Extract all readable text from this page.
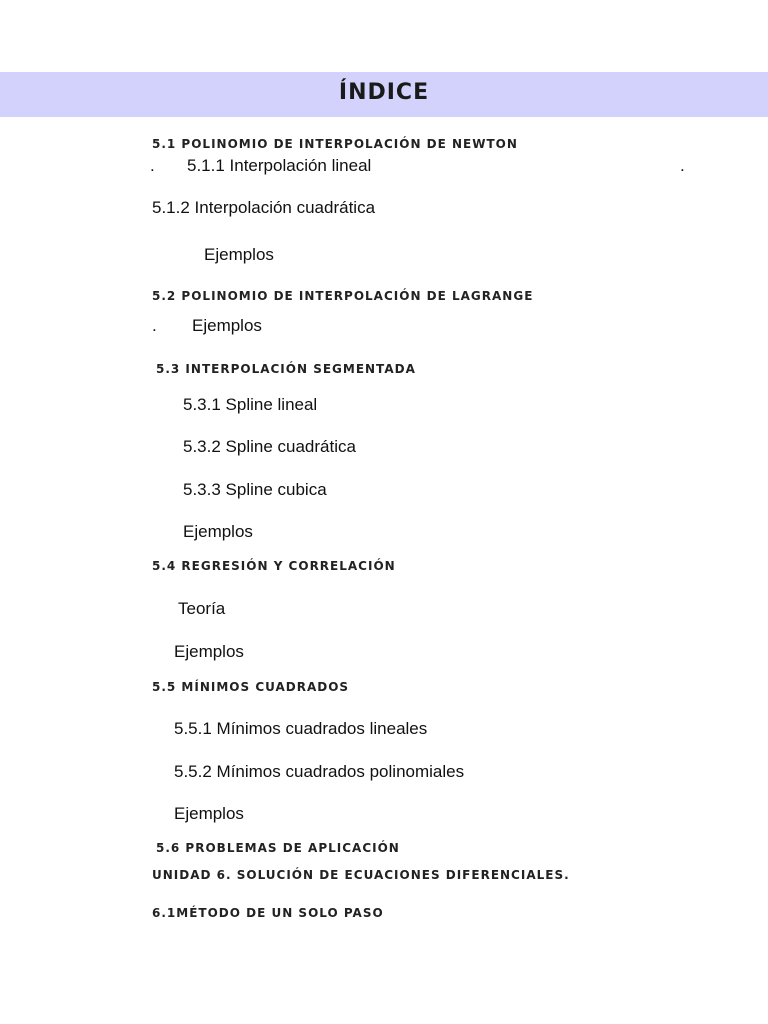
ÍNDICE
5.1 POLINOMIO DE INTERPOLACIÓN DE NEWTON
. 5.1.1 Interpolación lineal	.
5.1.2 Interpolación cuadrática
Ejemplos
5.2 POLINOMIO DE INTERPOLACIÓN DE LAGRANGE
. Ejemplos
5.3 INTERPOLACIÓN SEGMENTADA
5.3.1 Spline lineal
5.3.2 Spline cuadrática
5.3.3 Spline cubica
Ejemplos
5.4 REGRESIÓN Y CORRELACIÓN
Teoría
Ejemplos
5.5 MÍNIMOS CUADRADOS
5.5.1 Mínimos cuadrados lineales
5.5.2 Mínimos cuadrados polinomiales
Ejemplos
5.6 PROBLEMAS DE APLICACIÓN
UNIDAD 6. SOLUCIÓN DE ECUACIONES DIFERENCIALES.
6.1MÉTODO DE UN SOLO PASO
